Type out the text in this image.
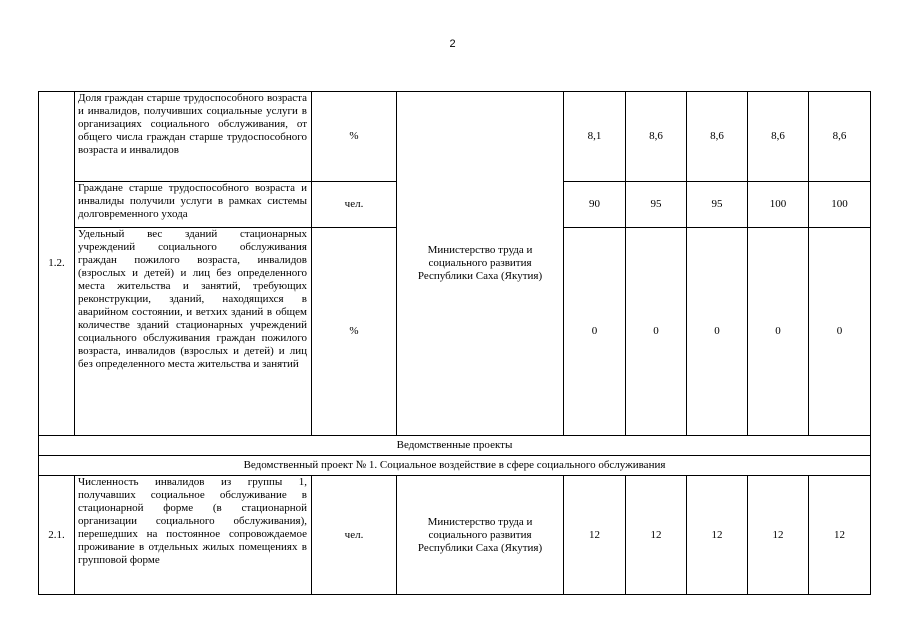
2
1.2.	Доля граждан старше трудоспособного возраста и инвалидов, получивших социальные услуги в организациях социального обслуживания, от общего числа граждан старше трудоспособного возраста и инвалидов	%	Министерство труда и социального развития Республики Саха (Якутия)	8,1	8,6	8,6	8,6	8,6
	Граждане старше трудоспособного возраста и инвалиды получили услуги в рамках системы долговременного ухода	чел.		90	95	95	100	100
	Удельный вес зданий стационарных учреждений социального обслуживания граждан пожилого возраста, инвалидов (взрослых и детей) и лиц без определенного места жительства и занятий, требующих реконструкции, зданий, находящихся в аварийном состоянии, и ветхих зданий в общем количестве зданий стационарных учреждений социального обслуживания граждан пожилого возраста, инвалидов (взрослых и детей) и лиц без определенного места жительства и занятий	%		0	0	0	0	0
Ведомственные проекты								
Ведомственный проект № 1. Социальное воздействие в сфере социального обслуживания								
2.1.	Численность инвалидов из группы 1, получавших социальное обслуживание в стационарной форме (в стационарной организации социального обслуживания), перешедших на постоянное сопровождаемое проживание в отдельных жилых помещениях в групповой форме	чел.	Министерство труда и социального развития Республики Саха (Якутия)	12	12	12	12	12
